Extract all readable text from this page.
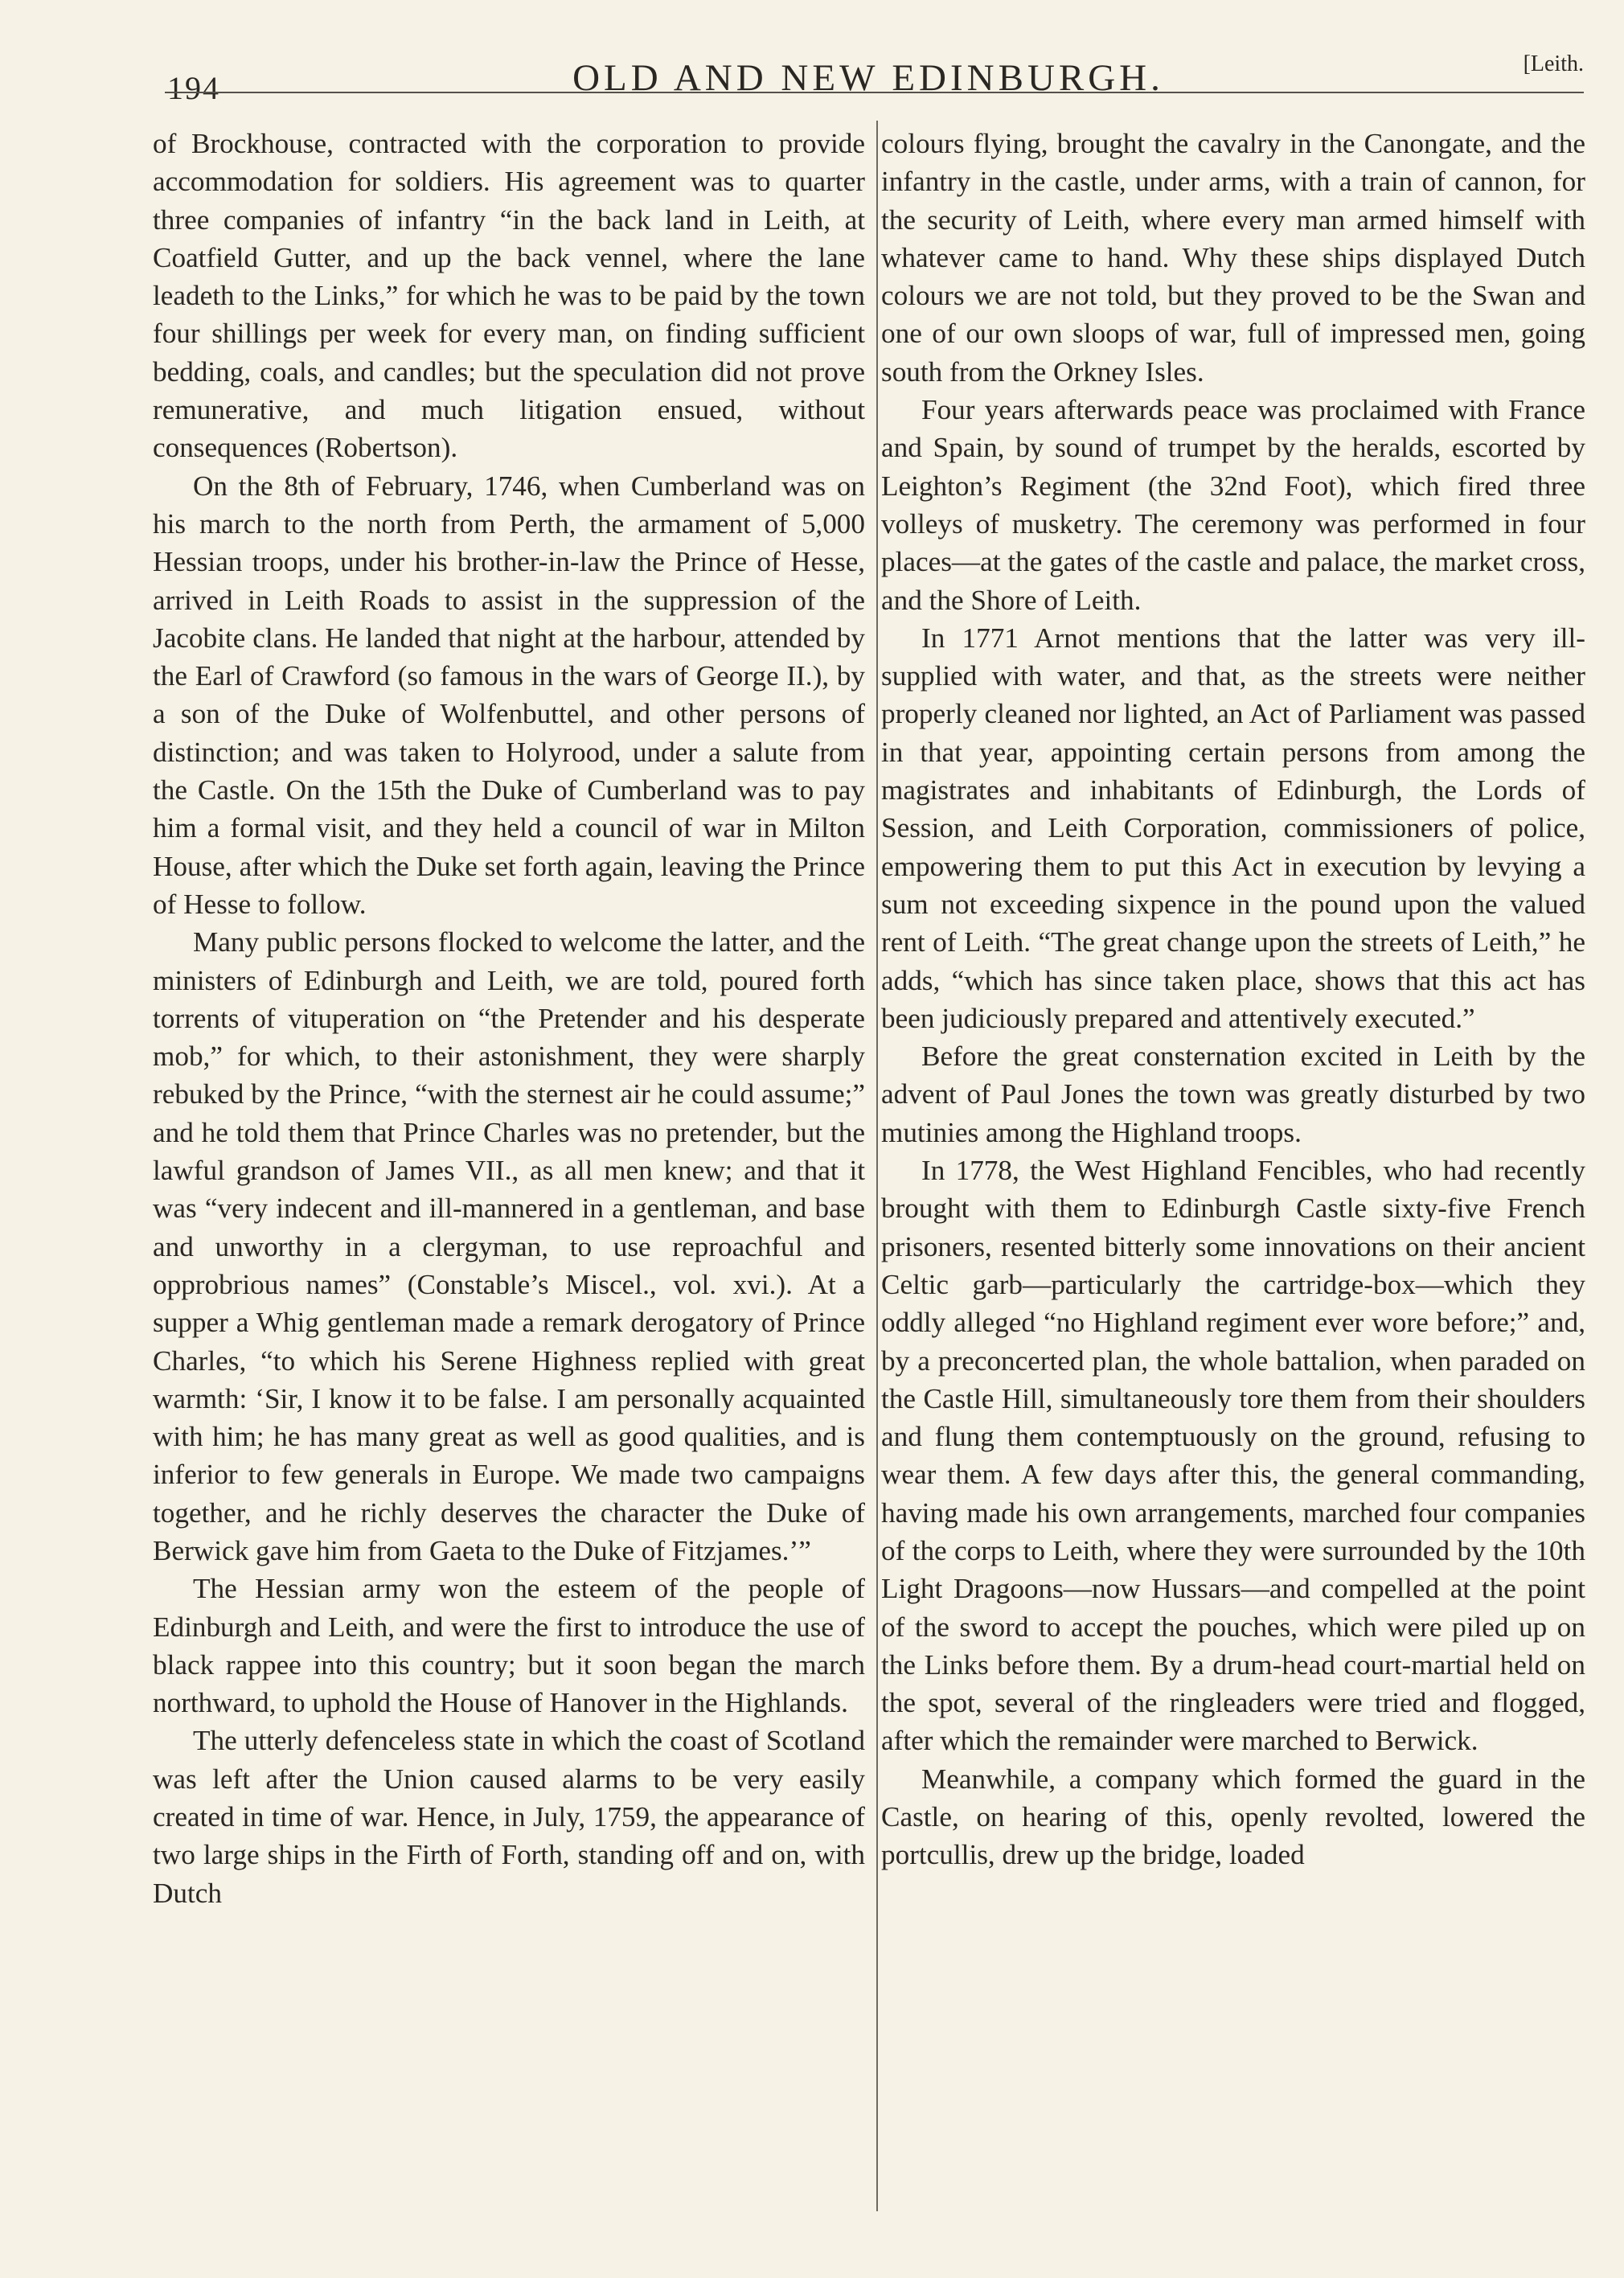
194	OLD AND NEW EDINBURGH.	[Leith.

of Brockhouse, contracted with the corporation to provide accommodation for soldiers. His agreement was to quarter three companies of infantry “in the back land in Leith, at Coatfield Gutter, and up the back vennel, where the lane leadeth to the Links,” for which he was to be paid by the town four shillings per week for every man, on finding sufficient bedding, coals, and candles; but the speculation did not prove remunerative, and much litigation ensued, without consequences (Robertson).

On the 8th of February, 1746, when Cumberland was on his march to the north from Perth, the armament of 5,000 Hessian troops, under his brother-in-law the Prince of Hesse, arrived in Leith Roads to assist in the suppression of the Jacobite clans. He landed that night at the harbour, attended by the Earl of Crawford (so famous in the wars of George II.), by a son of the Duke of Wolfenbuttel, and other persons of distinction; and was taken to Holyrood, under a salute from the Castle. On the 15th the Duke of Cumberland was to pay him a formal visit, and they held a council of war in Milton House, after which the Duke set forth again, leaving the Prince of Hesse to follow.

Many public persons flocked to welcome the latter, and the ministers of Edinburgh and Leith, we are told, poured forth torrents of vituperation on “the Pretender and his desperate mob,” for which, to their astonishment, they were sharply rebuked by the Prince, “with the sternest air he could assume;” and he told them that Prince Charles was no pretender, but the lawful grandson of James VII., as all men knew; and that it was “very indecent and ill-mannered in a gentleman, and base and unworthy in a clergyman, to use reproachful and opprobrious names” (Constable’s Miscel., vol. xvi.). At a supper a Whig gentleman made a remark derogatory of Prince Charles, “to which his Serene Highness replied with great warmth: ‘Sir, I know it to be false. I am personally acquainted with him; he has many great as well as good qualities, and is inferior to few generals in Europe. We made two campaigns together, and he richly deserves the character the Duke of Berwick gave him from Gaeta to the Duke of Fitzjames.’”

The Hessian army won the esteem of the people of Edinburgh and Leith, and were the first to introduce the use of black rappee into this country; but it soon began the march northward, to uphold the House of Hanover in the Highlands.

The utterly defenceless state in which the coast of Scotland was left after the Union caused alarms to be very easily created in time of war. Hence, in July, 1759, the appearance of two large ships in the Firth of Forth, standing off and on, with Dutch

colours flying, brought the cavalry in the Canongate, and the infantry in the castle, under arms, with a train of cannon, for the security of Leith, where every man armed himself with whatever came to hand. Why these ships displayed Dutch colours we are not told, but they proved to be the Swan and one of our own sloops of war, full of impressed men, going south from the Orkney Isles.

Four years afterwards peace was proclaimed with France and Spain, by sound of trumpet by the heralds, escorted by Leighton’s Regiment (the 32nd Foot), which fired three volleys of musketry. The ceremony was performed in four places—at the gates of the castle and palace, the market cross, and the Shore of Leith.

In 1771 Arnot mentions that the latter was very ill-supplied with water, and that, as the streets were neither properly cleaned nor lighted, an Act of Parliament was passed in that year, appointing certain persons from among the magistrates and inhabitants of Edinburgh, the Lords of Session, and Leith Corporation, commissioners of police, empowering them to put this Act in execution by levying a sum not exceeding sixpence in the pound upon the valued rent of Leith. “The great change upon the streets of Leith,” he adds, “which has since taken place, shows that this act has been judiciously prepared and attentively executed.”

Before the great consternation excited in Leith by the advent of Paul Jones the town was greatly disturbed by two mutinies among the Highland troops.

In 1778, the West Highland Fencibles, who had recently brought with them to Edinburgh Castle sixty-five French prisoners, resented bitterly some innovations on their ancient Celtic garb—particularly the cartridge-box—which they oddly alleged “no Highland regiment ever wore before;” and, by a preconcerted plan, the whole battalion, when paraded on the Castle Hill, simultaneously tore them from their shoulders and flung them contemptuously on the ground, refusing to wear them. A few days after this, the general commanding, having made his own arrangements, marched four companies of the corps to Leith, where they were surrounded by the 10th Light Dragoons—now Hussars—and compelled at the point of the sword to accept the pouches, which were piled up on the Links before them. By a drum-head court-martial held on the spot, several of the ringleaders were tried and flogged, after which the remainder were marched to Berwick.

Meanwhile, a company which formed the guard in the Castle, on hearing of this, openly revolted, lowered the portcullis, drew up the bridge, loaded
